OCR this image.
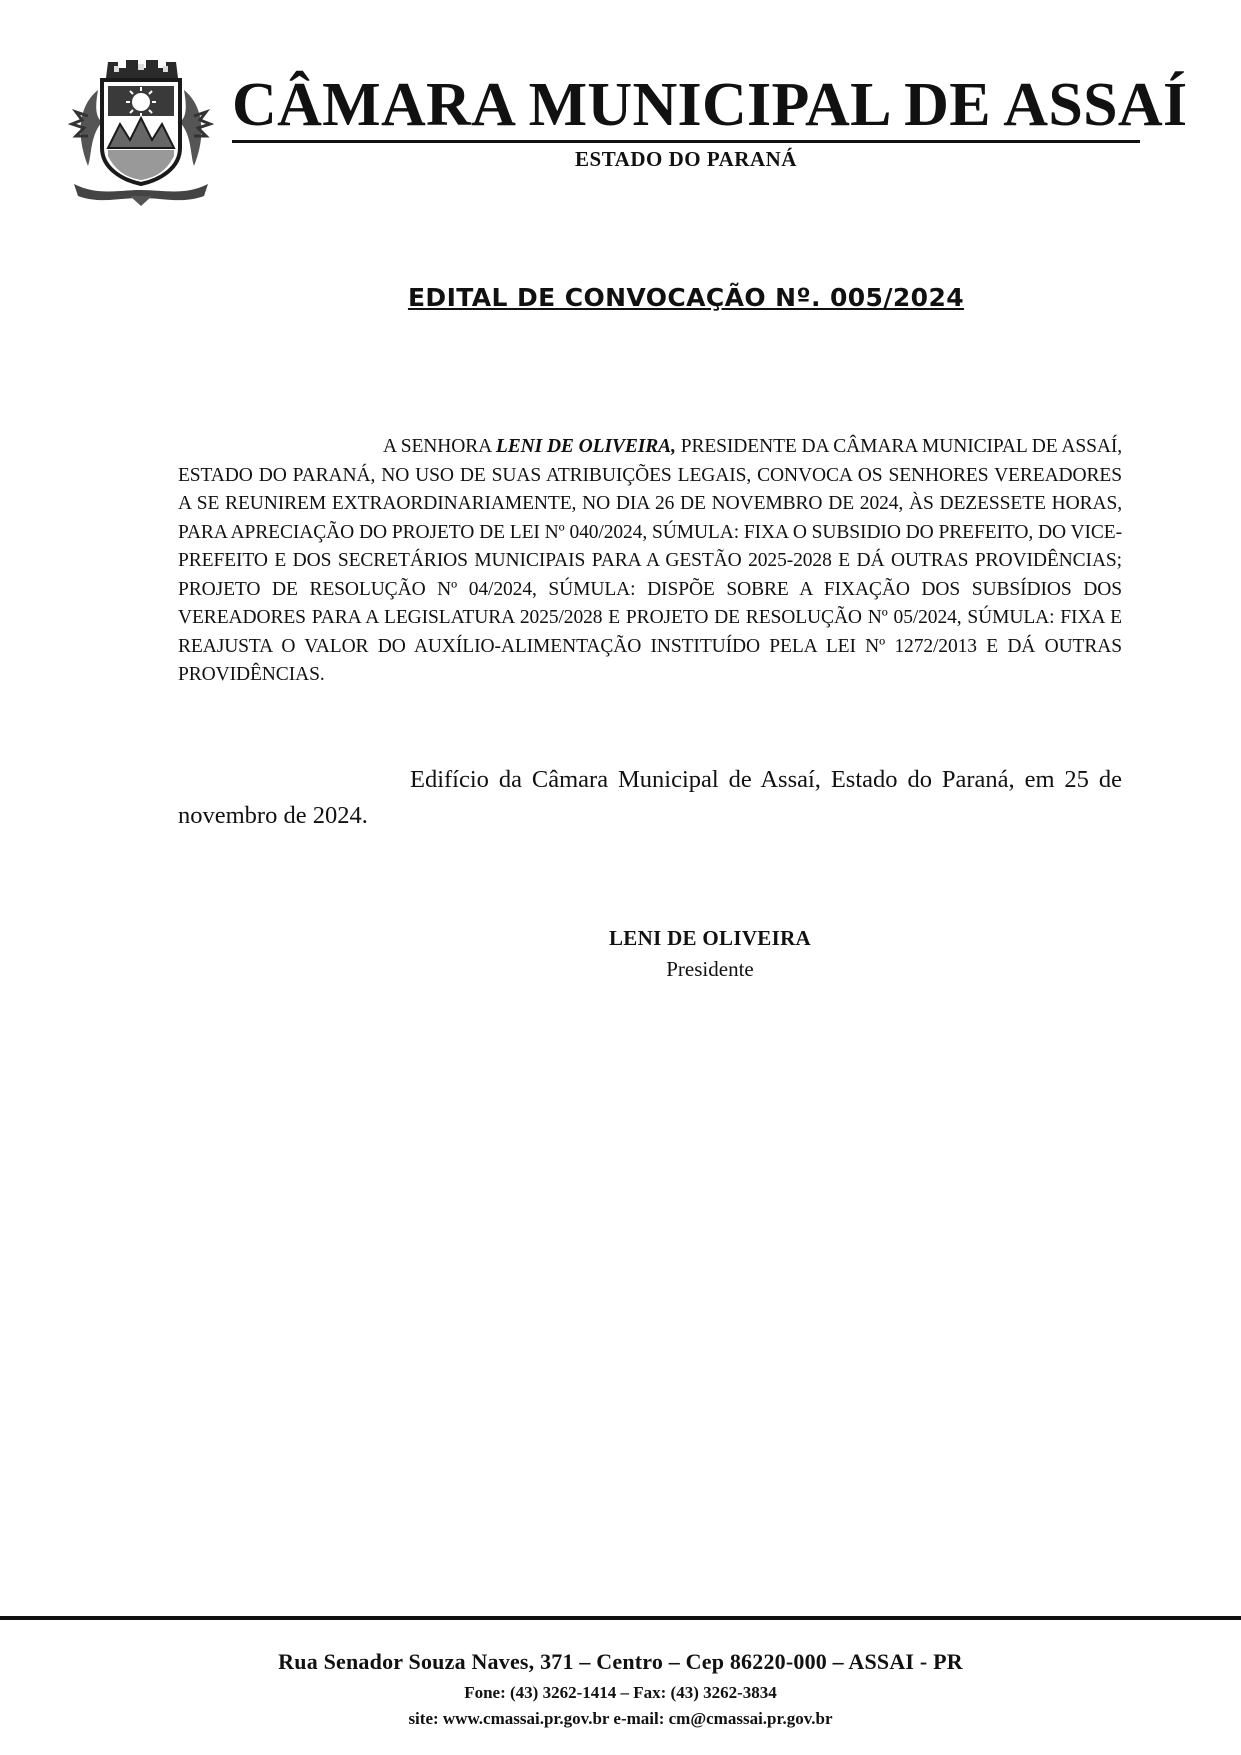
CÂMARA MUNICIPAL DE ASSAÍ
ESTADO DO PARANÁ
EDITAL DE CONVOCAÇÃO Nº. 005/2024
A SENHORA LENI DE OLIVEIRA, PRESIDENTE DA CÂMARA MUNICIPAL DE ASSAÍ, ESTADO DO PARANÁ, NO USO DE SUAS ATRIBUIÇÕES LEGAIS, CONVOCA OS SENHORES VEREADORES A SE REUNIREM EXTRAORDINARIAMENTE, NO DIA 26 DE NOVEMBRO DE 2024, ÀS DEZESSETE HORAS, PARA APRECIAÇÃO DO PROJETO DE LEI Nº 040/2024, SÚMULA: FIXA O SUBSIDIO DO PREFEITO, DO VICE-PREFEITO E DOS SECRETÁRIOS MUNICIPAIS PARA A GESTÃO 2025-2028 E DÁ OUTRAS PROVIDÊNCIAS; PROJETO DE RESOLUÇÃO Nº 04/2024, SÚMULA: DISPÕE SOBRE A FIXAÇÃO DOS SUBSÍDIOS DOS VEREADORES PARA A LEGISLATURA 2025/2028 E PROJETO DE RESOLUÇÃO Nº 05/2024, SÚMULA: FIXA E REAJUSTA O VALOR DO AUXÍLIO-ALIMENTAÇÃO INSTITUÍDO PELA LEI Nº 1272/2013 E DÁ OUTRAS PROVIDÊNCIAS.
Edifício da Câmara Municipal de Assaí, Estado do Paraná, em 25 de novembro de 2024.
LENI DE OLIVEIRA
Presidente
Rua Senador Souza Naves, 371 – Centro – Cep 86220-000 – ASSAI - PR
Fone: (43) 3262-1414 – Fax: (43) 3262-3834
site: www.cmassai.pr.gov.br e-mail: cm@cmassai.pr.gov.br
